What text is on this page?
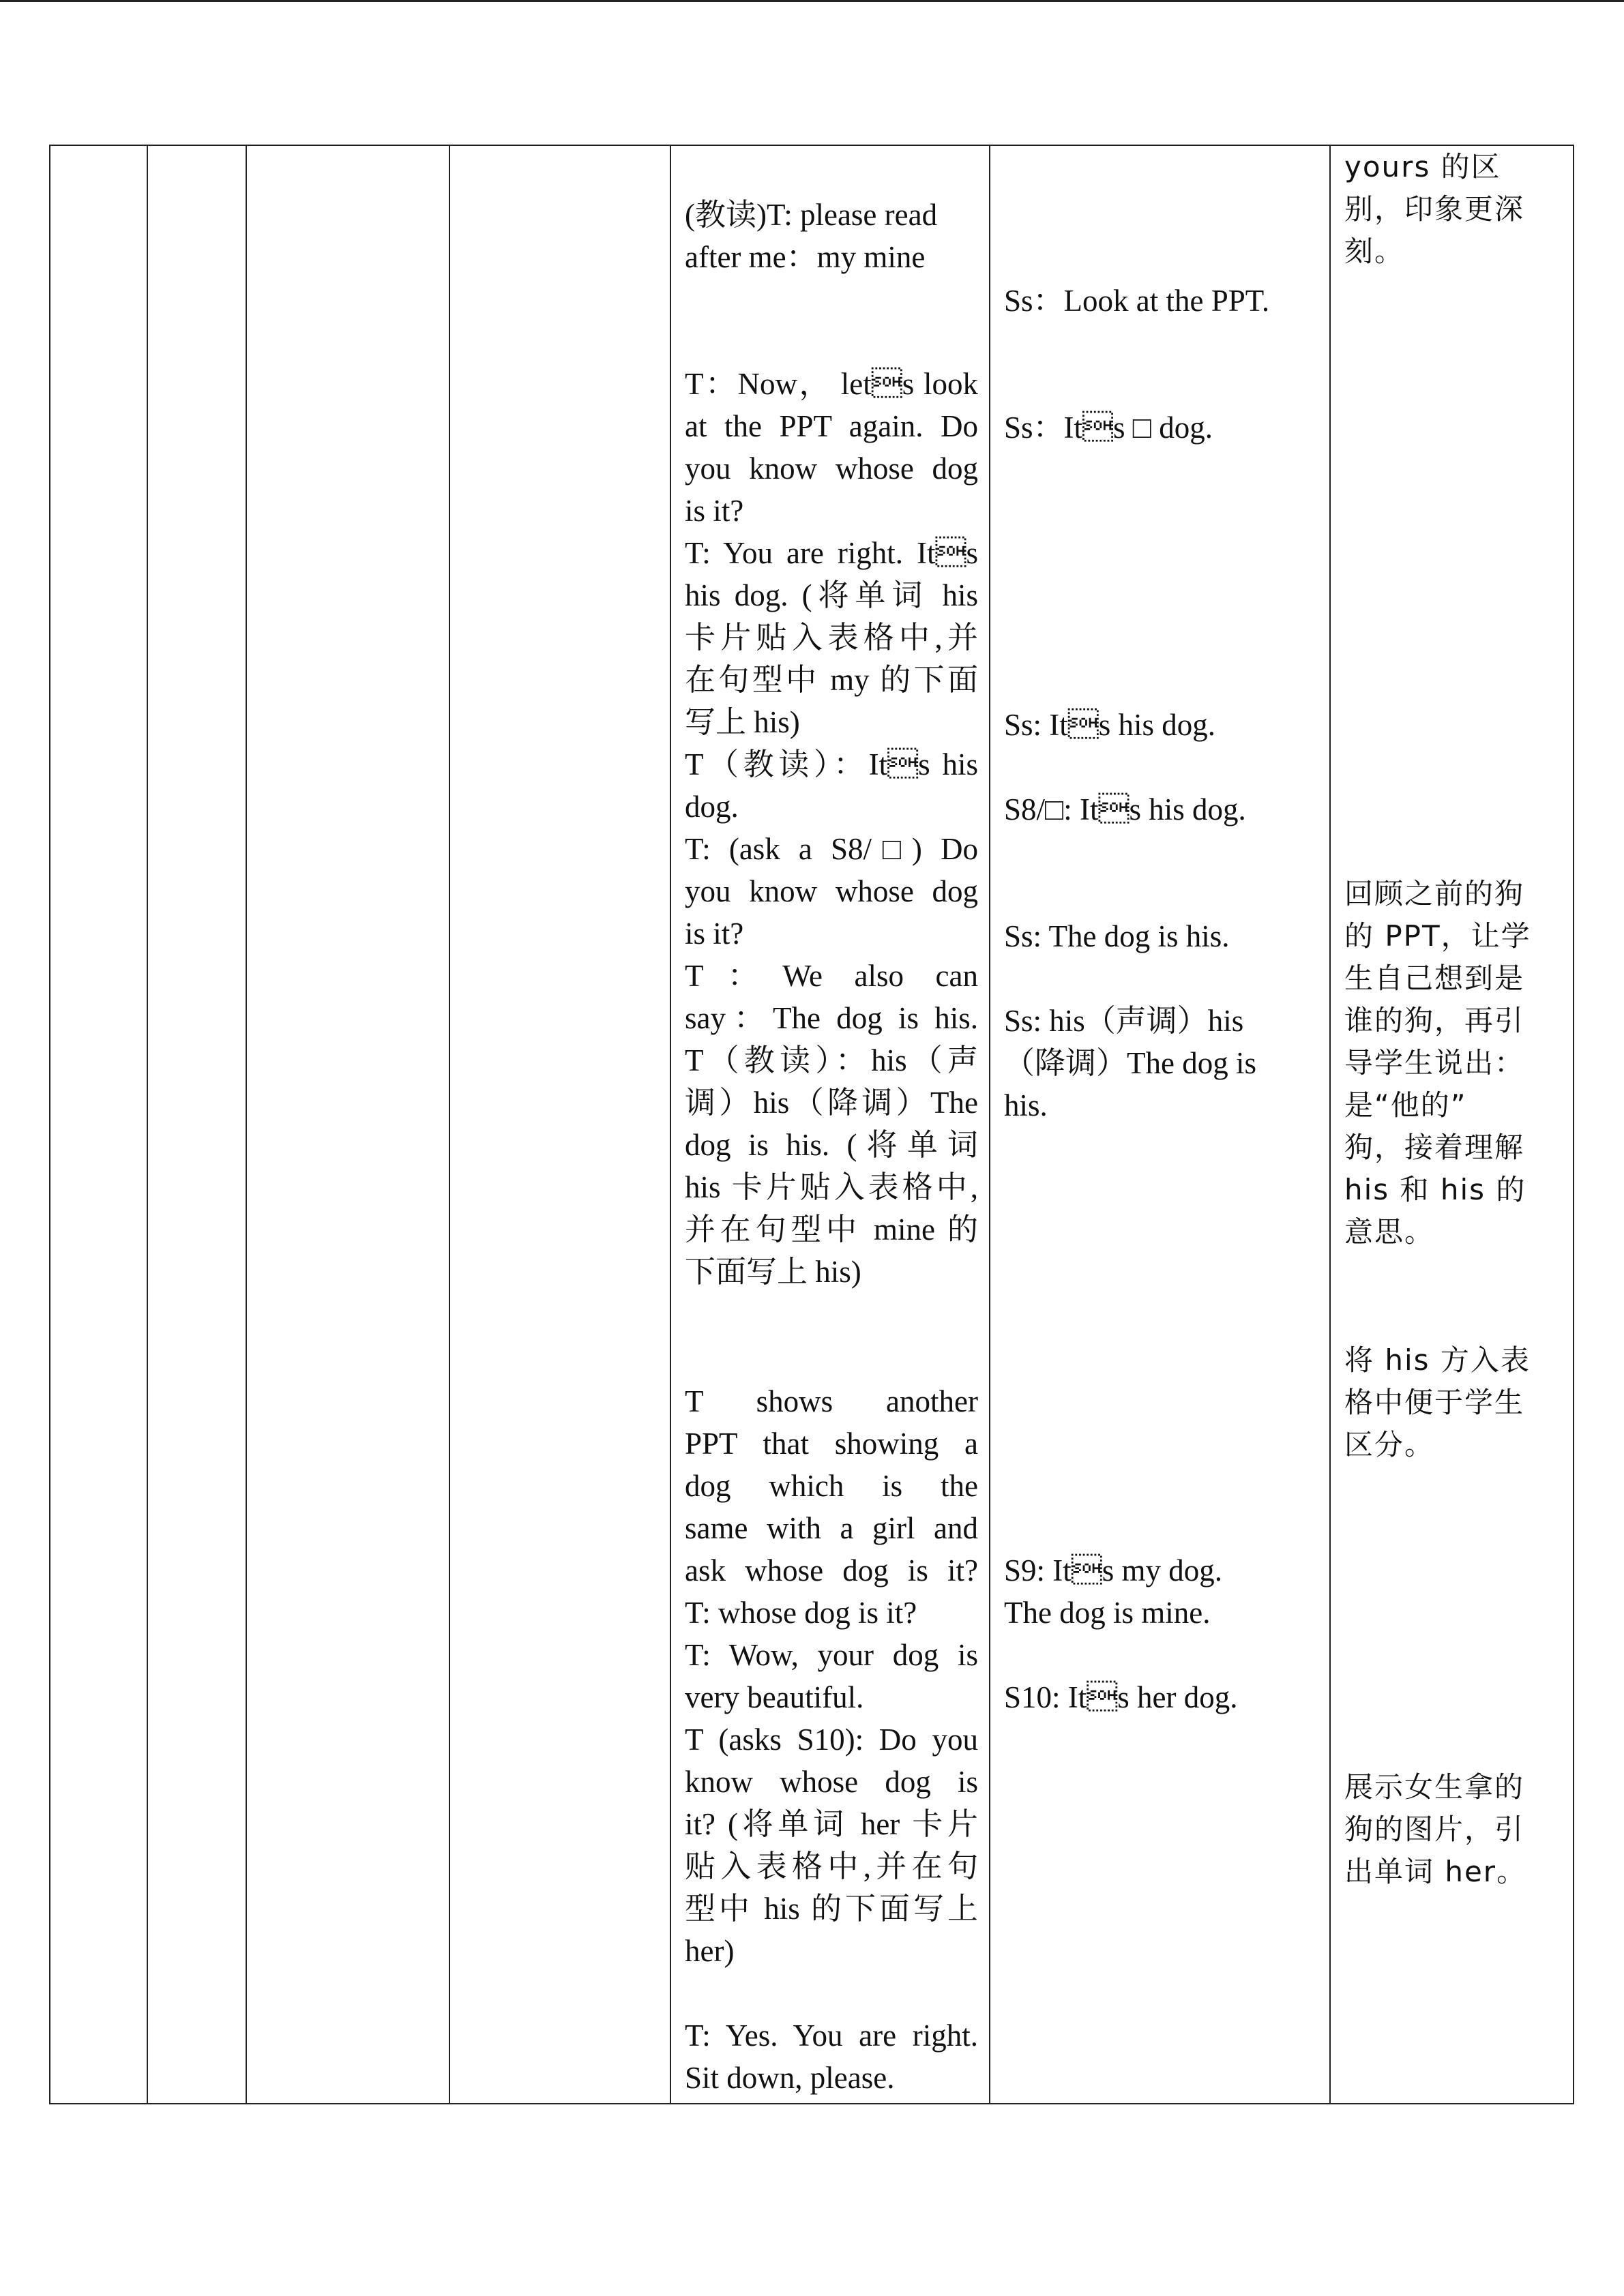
(教读)T: please read
after me：my mine
T：Now， lets look
at the PPT again. Do
you know whose dog
is it?
T: You are right. Its
his dog. (将单词 his
卡片贴入表格中,并
在句型中 my 的下面
写上 his)
T（教读）：Its his
dog.
T: (ask a S8/□) Do
you know whose dog
is it?
T：We also can
say：The dog is his.
T（教读）：his（声
调）his（降调）The
dog is his. (将单词
his 卡片贴入表格中,
并在句型中 mine 的
下面写上 his)
T shows another
PPT that showing a
dog which is the
same with a girl and
ask whose dog is it?
T: whose dog is it?
T: Wow, your dog is
very beautiful.
T (asks S10): Do you
know whose dog is
it? (将单词 her 卡片
贴入表格中,并在句
型中 his 的下面写上
her)
T: Yes. You are right.
Sit down, please.
Ss：Look at the PPT.
Ss：Its □ dog.
Ss: Its his dog.
S8/□: Its his dog.
Ss: The dog is his.
Ss: his（声调）his
（降调）The dog is
his.
S9: Its my dog.
The dog is mine.
S10: Its her dog.
yours 的区
别，印象更深
刻。
回顾之前的狗
的 PPT，让学
生自己想到是
谁的狗，再引
导学生说出：
是“他的”
狗，接着理解
his 和 his 的
意思。
将 his 方入表
格中便于学生
区分。
展示女生拿的
狗的图片，引
出单词 her。
